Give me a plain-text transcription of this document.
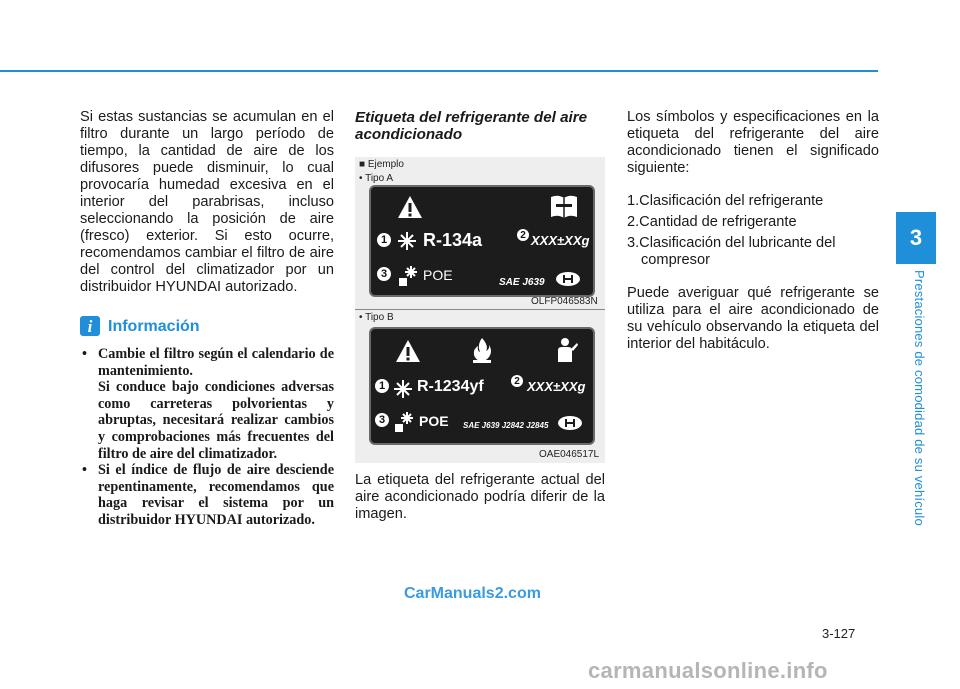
3
Prestaciones de comodidad de su vehículo

Si estas sustancias se acumulan en el filtro durante un largo período de tiempo, la cantidad de aire de los difusores puede disminuir, lo cual provocaría humedad excesiva en el interior del parabrisas, incluso seleccionando la posición de aire (fresco) exterior. Si esto ocurre, recomendamos cambiar el filtro de aire del control del climatizador por un distribuidor HYUNDAI autorizado.

i Información

• Cambie el filtro según el calendario de mantenimiento.

Si conduce bajo condiciones adversas como carreteras polvorientas y abruptas, necesitará realizar cambios y comprobaciones más frecuentes del filtro de aire del climatizador.

• Si el índice de flujo de aire desciende repentinamente, recomendamos que haga revisar el sistema por un distribuidor HYUNDAI autorizado.

Etiqueta del refrigerante del aire acondicionado

■ Ejemplo
• Tipo A
1 R-134a	2 XXX±XXg
3	POE	SAE J639
OLFP046583N
• Tipo B
1 R-1234yf	2 XXX±XXg
3 POE SAE J639 J2842 J2845
OAE046517L

La etiqueta del refrigerante actual del aire acondicionado podría diferir de la imagen.

Los símbolos y especificaciones en la etiqueta del refrigerante del aire acondicionado tienen el significado siguiente:

1.Clasificación del refrigerante

2.Cantidad de refrigerante

3.Clasificación del lubricante del compresor

Puede averiguar qué refrigerante se utiliza para el aire acondicionado de su vehículo observando la etiqueta del interior del habitáculo.

3-127
CarManuals2.com
carmanualsonline.info
